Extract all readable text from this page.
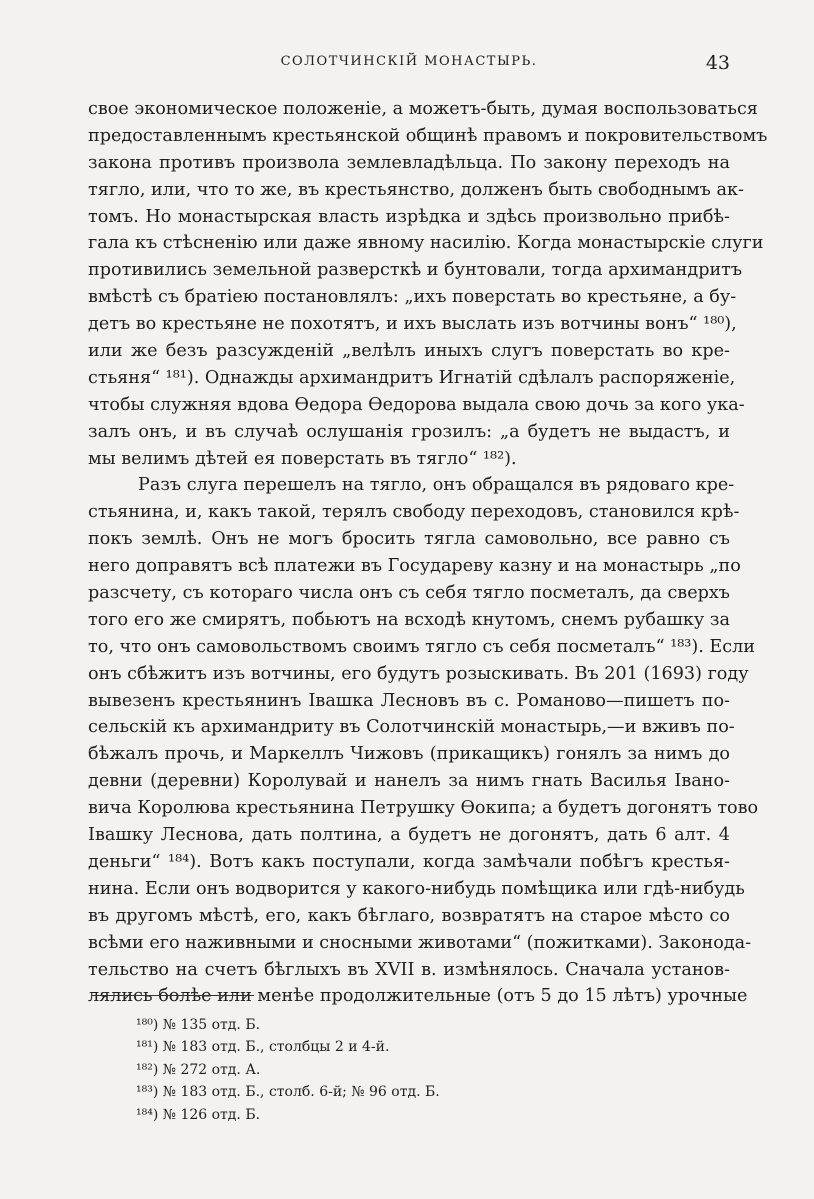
СОЛОТЧИНСКІЙ МОНАСТЫРЬ.	43
свое экономическое положеніе, а можетъ-быть, думая воспользоваться
предоставленнымъ крестьянской общинѣ правомъ и покровительствомъ
закона противъ произвола землевладѣльца. По закону переходъ на
тягло, или, что то же, въ крестьянство, долженъ быть свободнымъ ак-
томъ. Но монастырская власть изрѣдка и здѣсь произвольно прибѣ-
гала къ стѣсненію или даже явному насилію. Когда монастырскіе слуги
противились земельной разверсткѣ и бунтовали, тогда архимандритъ
вмѣстѣ съ братіею постановлялъ: „ихъ поверстать во крестьяне, а бу-
детъ во крестьяне не похотятъ, и ихъ выслать изъ вотчины вонъ“ ¹⁸⁰),
или же безъ разсужденій „велѣлъ иныхъ слугъ поверстать во кре-
стьяня“ ¹⁸¹). Однажды архимандритъ Игнатій сдѣлалъ распоряженіе,
чтобы служняя вдова Ѳедора Ѳедорова выдала свою дочь за кого ука-
залъ онъ, и въ случаѣ ослушанія грозилъ: „а будетъ не выдастъ, и
мы велимъ дѣтей ея поверстать въ тягло“ ¹⁸²).
Разъ слуга перешелъ на тягло, онъ обращался въ рядоваго кре-
стьянина, и, какъ такой, терялъ свободу переходовъ, становился крѣ-
покъ землѣ. Онъ не могъ бросить тягла самовольно, все равно съ
него доправятъ всѣ платежи въ Государеву казну и на монастырь „по
разсчету, съ котораго числа онъ съ себя тягло посметалъ, да сверхъ
того его же смирятъ, побьютъ на всходѣ кнутомъ, снемъ рубашку за
то, что онъ самовольствомъ своимъ тягло съ себя посметалъ“ ¹⁸³). Если
онъ сбѣжитъ изъ вотчины, его будутъ розыскивать. Въ 201 (1693) году
вывезенъ крестьянинъ Івашка Лесновъ въ с. Романово—пишетъ по-
сельскій къ архимандриту въ Солотчинскій монастырь,—и вживъ по-
бѣжалъ прочь, и Маркеллъ Чижовъ (прикащикъ) гонялъ за нимъ до
девни (деревни) Королувай и нанелъ за нимъ гнать Василья Івано-
вича Королюва крестьянина Петрушку Ѳокипа; а будетъ догонятъ тово
Івашку Леснова, дать полтина, а будетъ не догонятъ, дать 6 алт. 4
деньги“ ¹⁸⁴). Вотъ какъ поступали, когда замѣчали побѣгъ крестья-
нина. Если онъ водворится у какого-нибудь помѣщика или гдѣ-нибудь
въ другомъ мѣстѣ, его, какъ бѣглаго, возвратятъ на старое мѣсто со
всѣми его наживными и сносными животами“ (пожитками). Законода-
тельство на счетъ бѣглыхъ въ XVII в. измѣнялось. Сначала установ-
лялись болѣе или менѣе продолжительные (отъ 5 до 15 лѣтъ) урочные
¹⁸⁰) № 135 отд. Б.
¹⁸¹) № 183 отд. Б., столбцы 2 и 4-й.
¹⁸²) № 272 отд. А.
¹⁸³) № 183 отд. Б., столб. 6-й; № 96 отд. Б.
¹⁸⁴) № 126 отд. Б.
